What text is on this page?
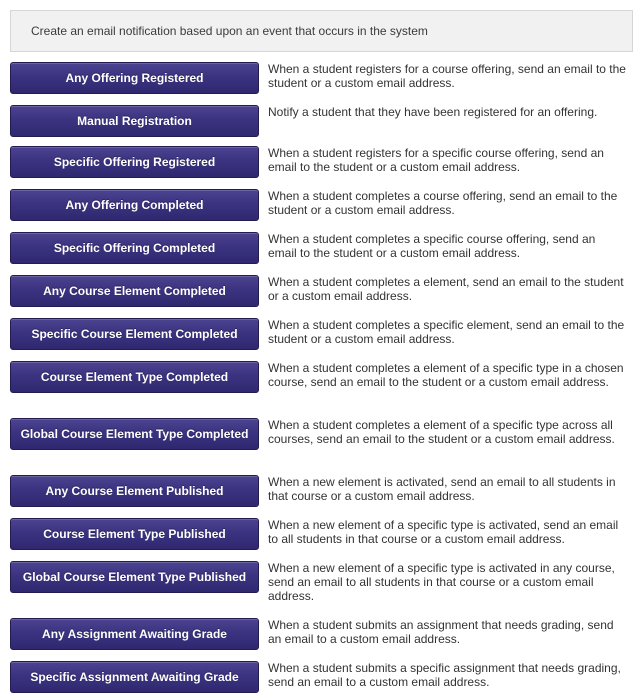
Create an email notification based upon an event that occurs in the system
Any Offering Registered
When a student registers for a course offering, send an email to the student or a custom email address.
Manual Registration
Notify a student that they have been registered for an offering.
Specific Offering Registered
When a student registers for a specific course offering, send an email to the student or a custom email address.
Any Offering Completed
When a student completes a course offering, send an email to the student or a custom email address.
Specific Offering Completed
When a student completes a specific course offering, send an email to the student or a custom email address.
Any Course Element Completed
When a student completes a element, send an email to the student or a custom email address.
Specific Course Element Completed
When a student completes a specific element, send an email to the student or a custom email address.
Course Element Type Completed
When a student completes a element of a specific type in a chosen course, send an email to the student or a custom email address.
Global Course Element Type Completed
When a student completes a element of a specific type across all courses, send an email to the student or a custom email address.
Any Course Element Published
When a new element is activated, send an email to all students in that course or a custom email address.
Course Element Type Published
When a new element of a specific type is activated, send an email to all students in that course or a custom email address.
Global Course Element Type Published
When a new element of a specific type is activated in any course, send an email to all students in that course or a custom email address.
Any Assignment Awaiting Grade
When a student submits an assignment that needs grading, send an email to a custom email address.
Specific Assignment Awaiting Grade
When a student submits a specific assignment that needs grading, send an email to a custom email address.
